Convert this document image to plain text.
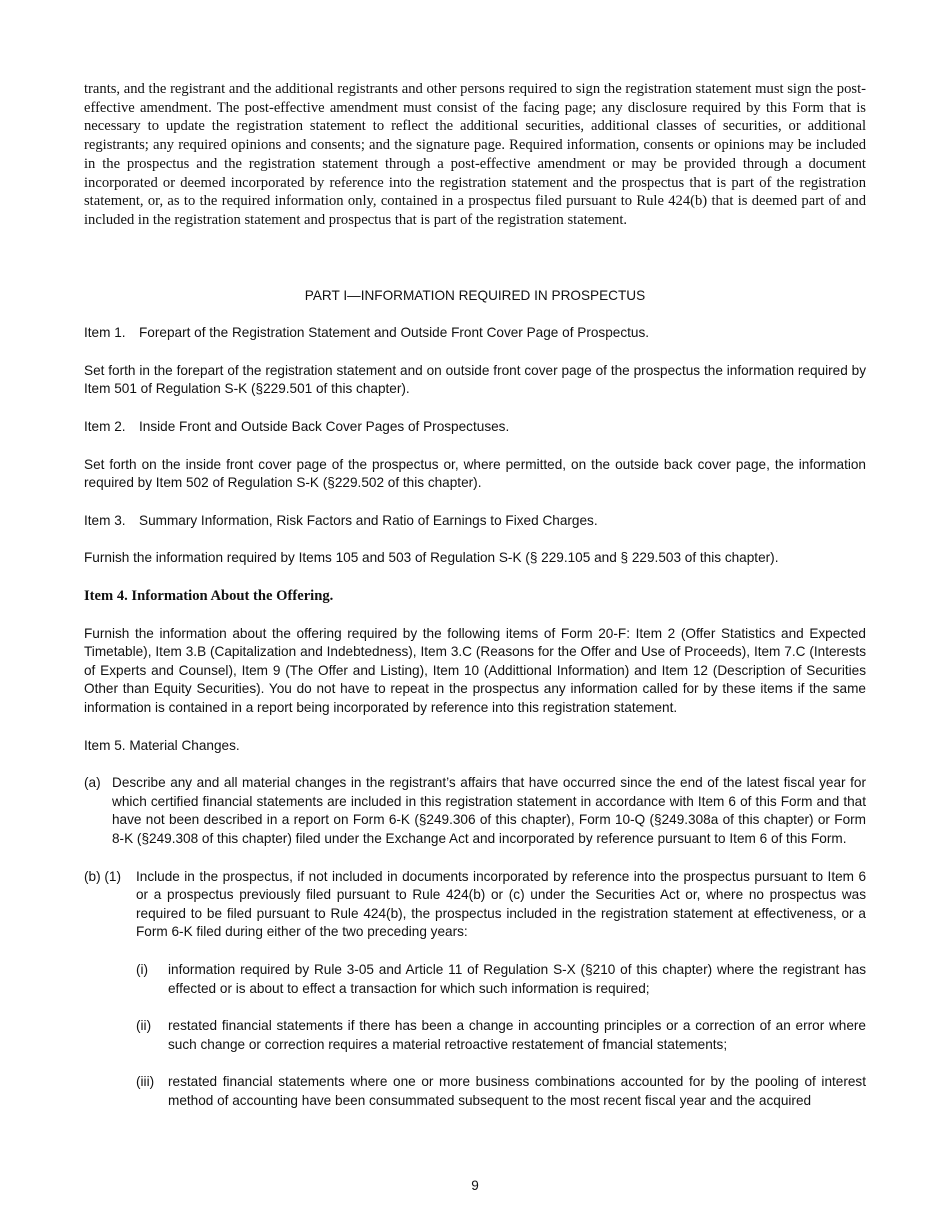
trants, and the registrant and the additional registrants and other persons required to sign the registration statement must sign the post-effective amendment. The post-effective amendment must consist of the facing page; any disclosure required by this Form that is necessary to update the registration statement to reflect the additional securities, additional classes of securities, or additional registrants; any required opinions and consents; and the signature page. Required information, consents or opinions may be included in the prospectus and the registration statement through a post-effective amendment or may be provided through a document incorporated or deemed incorporated by reference into the registration statement and the prospectus that is part of the registration statement, or, as to the required information only, contained in a prospectus filed pursuant to Rule 424(b) that is deemed part of and included in the registration statement and prospectus that is part of the registration statement.

PART I—INFORMATION REQUIRED IN PROSPECTUS

Item 1. Forepart of the Registration Statement and Outside Front Cover Page of Prospectus.

Set forth in the forepart of the registration statement and on outside front cover page of the prospectus the information required by Item 501 of Regulation S-K (§229.501 of this chapter).

Item 2. Inside Front and Outside Back Cover Pages of Prospectuses.

Set forth on the inside front cover page of the prospectus or, where permitted, on the outside back cover page, the information required by Item 502 of Regulation S-K (§229.502 of this chapter).

Item 3. Summary Information, Risk Factors and Ratio of Earnings to Fixed Charges.

Furnish the information required by Items 105 and 503 of Regulation S-K (§ 229.105 and § 229.503 of this chapter).

Item 4. Information About the Offering.

Furnish the information about the offering required by the following items of Form 20-F: Item 2 (Offer Statistics and Expected Timetable), Item 3.B (Capitalization and Indebtedness), Item 3.C (Reasons for the Offer and Use of Proceeds), Item 7.C (Interests of Experts and Counsel), Item 9 (The Offer and Listing), Item 10 (Addittional Information) and Item 12 (Description of Securities Other than Equity Securities). You do not have to repeat in the prospectus any information called for by these items if the same information is contained in a report being incorporated by reference into this registration statement.

Item 5. Material Changes.
(a) Describe any and all material changes in the registrant’s affairs that have occurred since the end of the latest fiscal year for which certified financial statements are included in this registration statement in accordance with Item 6 of this Form and that have not been described in a report on Form 6-K (§249.306 of this chapter), Form 10-Q (§249.308a of this chapter) or Form 8-K (§249.308 of this chapter) filed under the Exchange Act and incorporated by reference pursuant to Item 6 of this Form.
(b) (1)	Include in the prospectus, if not included in documents incorporated by reference into the prospectus pursuant to Item 6 or a prospectus previously filed pursuant to Rule 424(b) or (c) under the Securities Act or, where no prospectus was required to be filed pursuant to Rule 424(b), the prospectus included in the registration statement at effectiveness, or a Form 6-K filed during either of the two preceding years:
(i)	information required by Rule 3-05 and Article 11 of Regulation S-X (§210 of this chapter) where the registrant has effected or is about to effect a transaction for which such information is required;
(ii)	restated financial statements if there has been a change in accounting principles or a correction of an error where such change or correction requires a material retroactive restatement of fmancial statements;
(iii)	restated financial statements where one or more business combinations accounted for by the pooling of interest method of accounting have been consummated subsequent to the most recent fiscal year and the acquired
9
